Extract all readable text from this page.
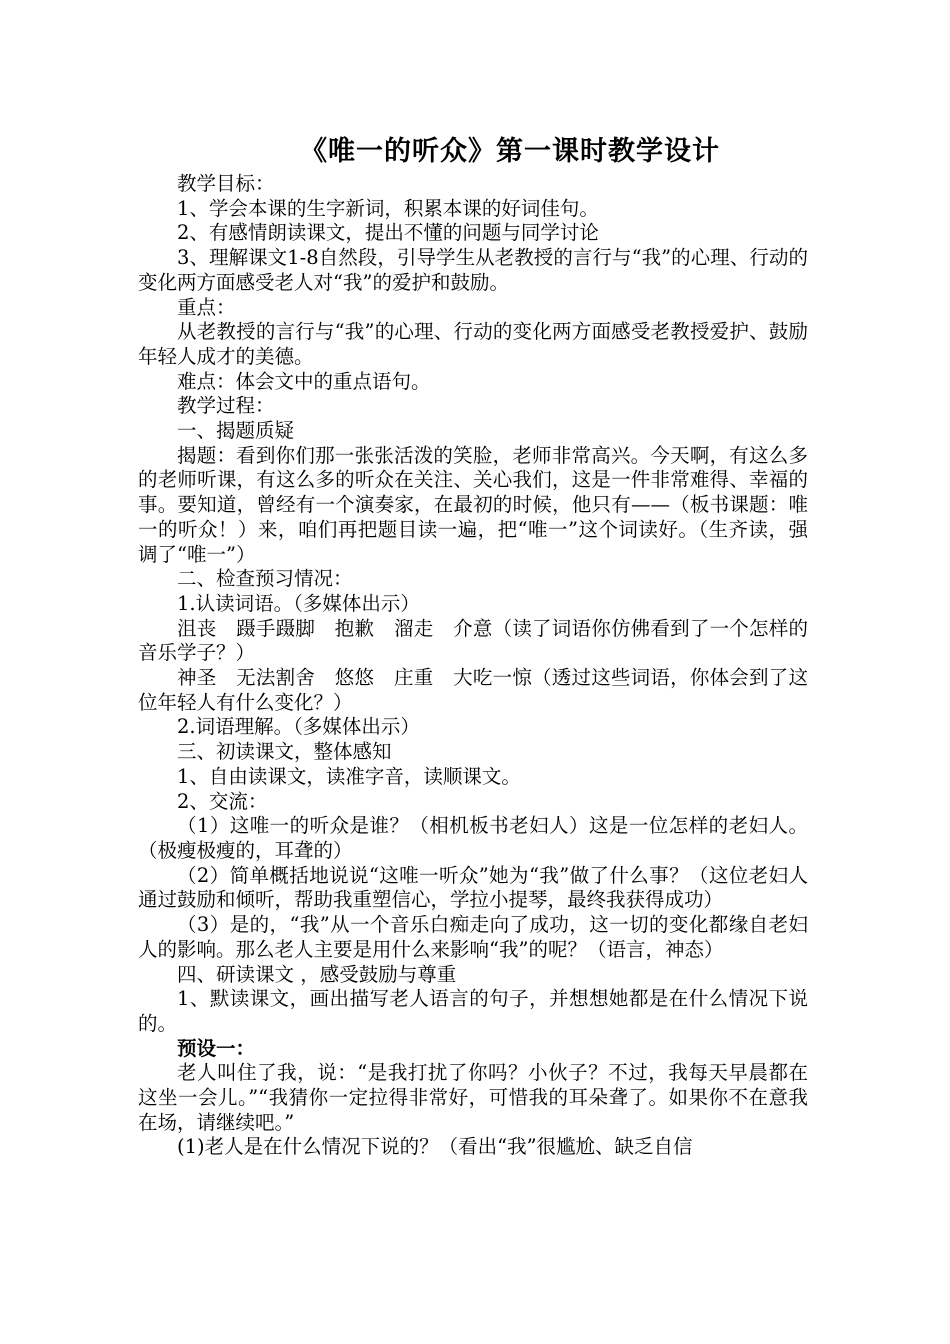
《唯一的听众》第一课时教学设计

教学目标：

1、学会本课的生字新词，积累本课的好词佳句。

2、有感情朗读课文，提出不懂的问题与同学讨论

3、理解课文1-8自然段，引导学生从老教授的言行与“我”的心理、行动的变化两方面感受老人对“我”的爱护和鼓励。

重点：

从老教授的言行与“我”的心理、行动的变化两方面感受老教授爱护、鼓励年轻人成才的美德。

难点：体会文中的重点语句。

教学过程：

一、揭题质疑

揭题：看到你们那一张张活泼的笑脸，老师非常高兴。今天啊，有这么多的老师听课，有这么多的听众在关注、关心我们，这是一件非常难得、幸福的事。要知道，曾经有一个演奏家，在最初的时候，他只有——（板书课题：唯一的听众！）来，咱们再把题目读一遍，把“唯一”这个词读好。（生齐读，强调了“唯一”）

二、检查预习情况：

1.认读词语。（多媒体出示）

沮丧　蹑手蹑脚　抱歉　溜走　介意（读了词语你仿佛看到了一个怎样的音乐学子？）

神圣　无法割舍　悠悠　庄重　大吃一惊（透过这些词语，你体会到了这位年轻人有什么变化？）

2.词语理解。（多媒体出示）

三、初读课文，整体感知

1、自由读课文，读准字音，读顺课文。

2、交流：

（1）这唯一的听众是谁？（相机板书老妇人）这是一位怎样的老妇人。（极瘦极瘦的，耳聋的）

（2）简单概括地说说“这唯一听众”她为“我”做了什么事？（这位老妇人通过鼓励和倾听，帮助我重塑信心，学拉小提琴，最终我获得成功）

（3）是的，“我”从一个音乐白痴走向了成功，这一切的变化都缘自老妇人的影响。那么老人主要是用什么来影响“我”的呢？（语言，神态）

四、研读课文 ，感受鼓励与尊重

1、默读课文，画出描写老人语言的句子，并想想她都是在什么情况下说的。

预设一：

老人叫住了我，说：“是我打扰了你吗？小伙子？不过，我每天早晨都在这坐一会儿。”“我猜你一定拉得非常好，可惜我的耳朵聋了。如果你不在意我在场，请继续吧。”

(1)老人是在什么情况下说的？（看出“我”很尴尬、缺乏自信
